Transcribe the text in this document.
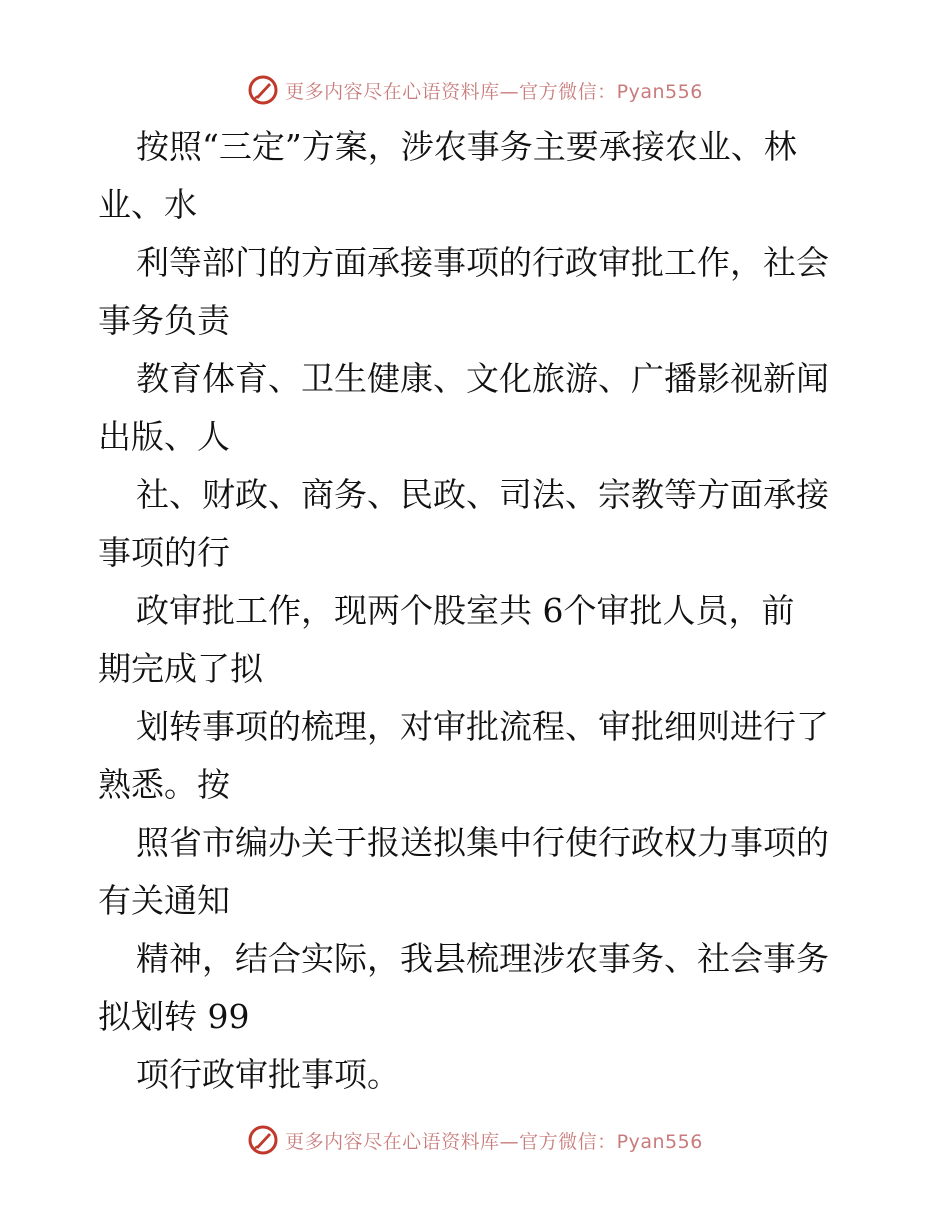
更多内容尽在心语资料库—官方微信：Pyan556

按照“三定”方案，涉农事务主要承接农业、林

业、水

利等部门的方面承接事项的行政审批工作，社会

事务负责

教育体育、卫生健康、文化旅游、广播影视新闻

出版、人

社、财政、商务、民政、司法、宗教等方面承接

事项的行

政审批工作，现两个股室共 6个审批人员，前

期完成了拟

划转事项的梳理，对审批流程、审批细则进行了

熟悉。按

照省市编办关于报送拟集中行使行政权力事项的

有关通知

精神，结合实际，我县梳理涉农事务、社会事务

拟划转 99

项行政审批事项。

更多内容尽在心语资料库—官方微信：Pyan556
